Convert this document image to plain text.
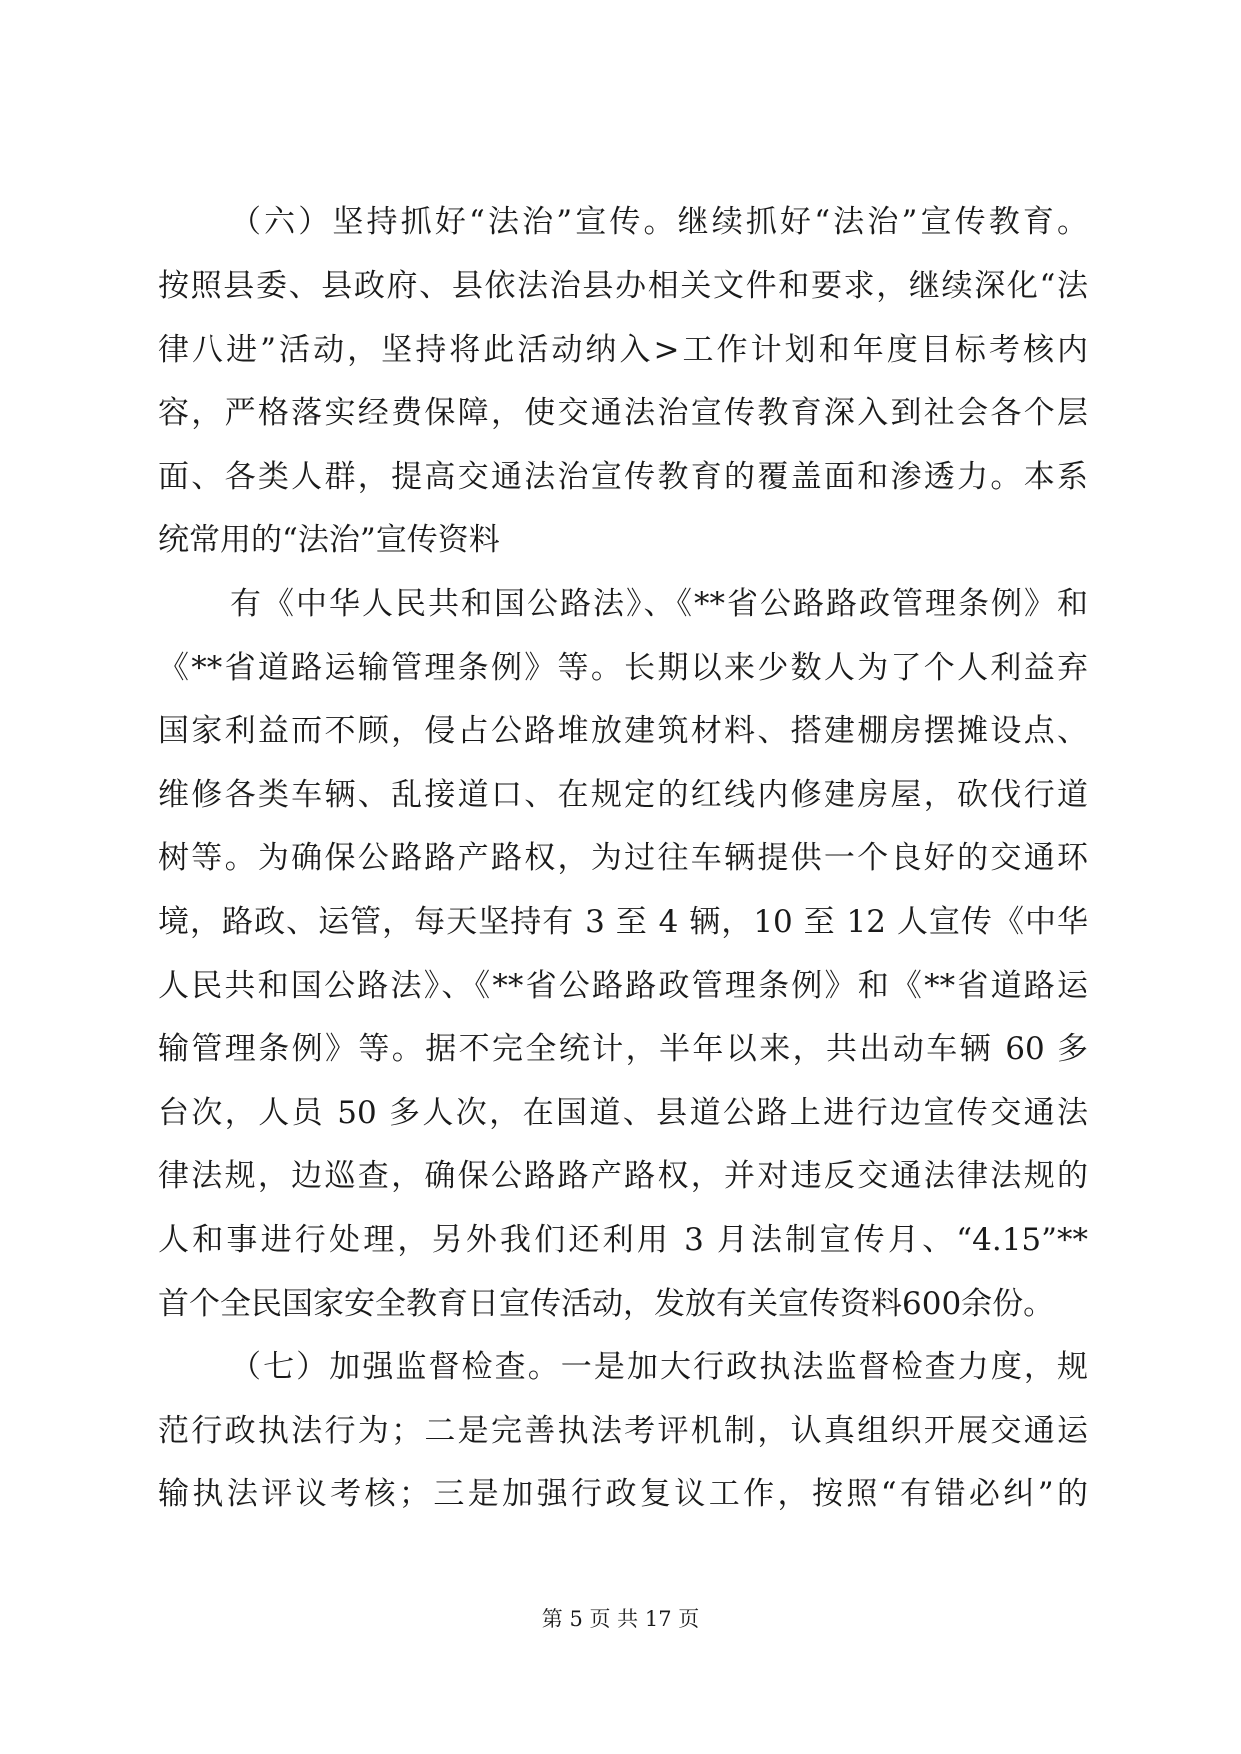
（六）坚持抓好“法治”宣传。继续抓好“法治”宣传教育。
按照县委、县政府、县依法治县办相关文件和要求，继续深化“法
律八进”活动，坚持将此活动纳入>工作计划和年度目标考核内
容，严格落实经费保障，使交通法治宣传教育深入到社会各个层
面、各类人群，提高交通法治宣传教育的覆盖面和渗透力。本系
统常用的“法治”宣传资料
有《中华人民共和国公路法》、《**省公路路政管理条例》和
《**省道路运输管理条例》等。长期以来少数人为了个人利益弃
国家利益而不顾，侵占公路堆放建筑材料、搭建棚房摆摊设点、
维修各类车辆、乱接道口、在规定的红线内修建房屋，砍伐行道
树等。为确保公路路产路权，为过往车辆提供一个良好的交通环
境，路政、运管，每天坚持有 3 至 4 辆，10 至 12 人宣传《中华
人民共和国公路法》、《**省公路路政管理条例》和《**省道路运
输管理条例》等。据不完全统计，半年以来，共出动车辆 60 多
台次，人员 50 多人次，在国道、县道公路上进行边宣传交通法
律法规，边巡查，确保公路路产路权，并对违反交通法律法规的
人和事进行处理，另外我们还利用 3 月法制宣传月、“4.15”**
首个全民国家安全教育日宣传活动，发放有关宣传资料600余份。
（七）加强监督检查。一是加大行政执法监督检查力度，规
范行政执法行为；二是完善执法考评机制，认真组织开展交通运
输执法评议考核；三是加强行政复议工作，按照“有错必纠”的
第 5 页 共 17 页
